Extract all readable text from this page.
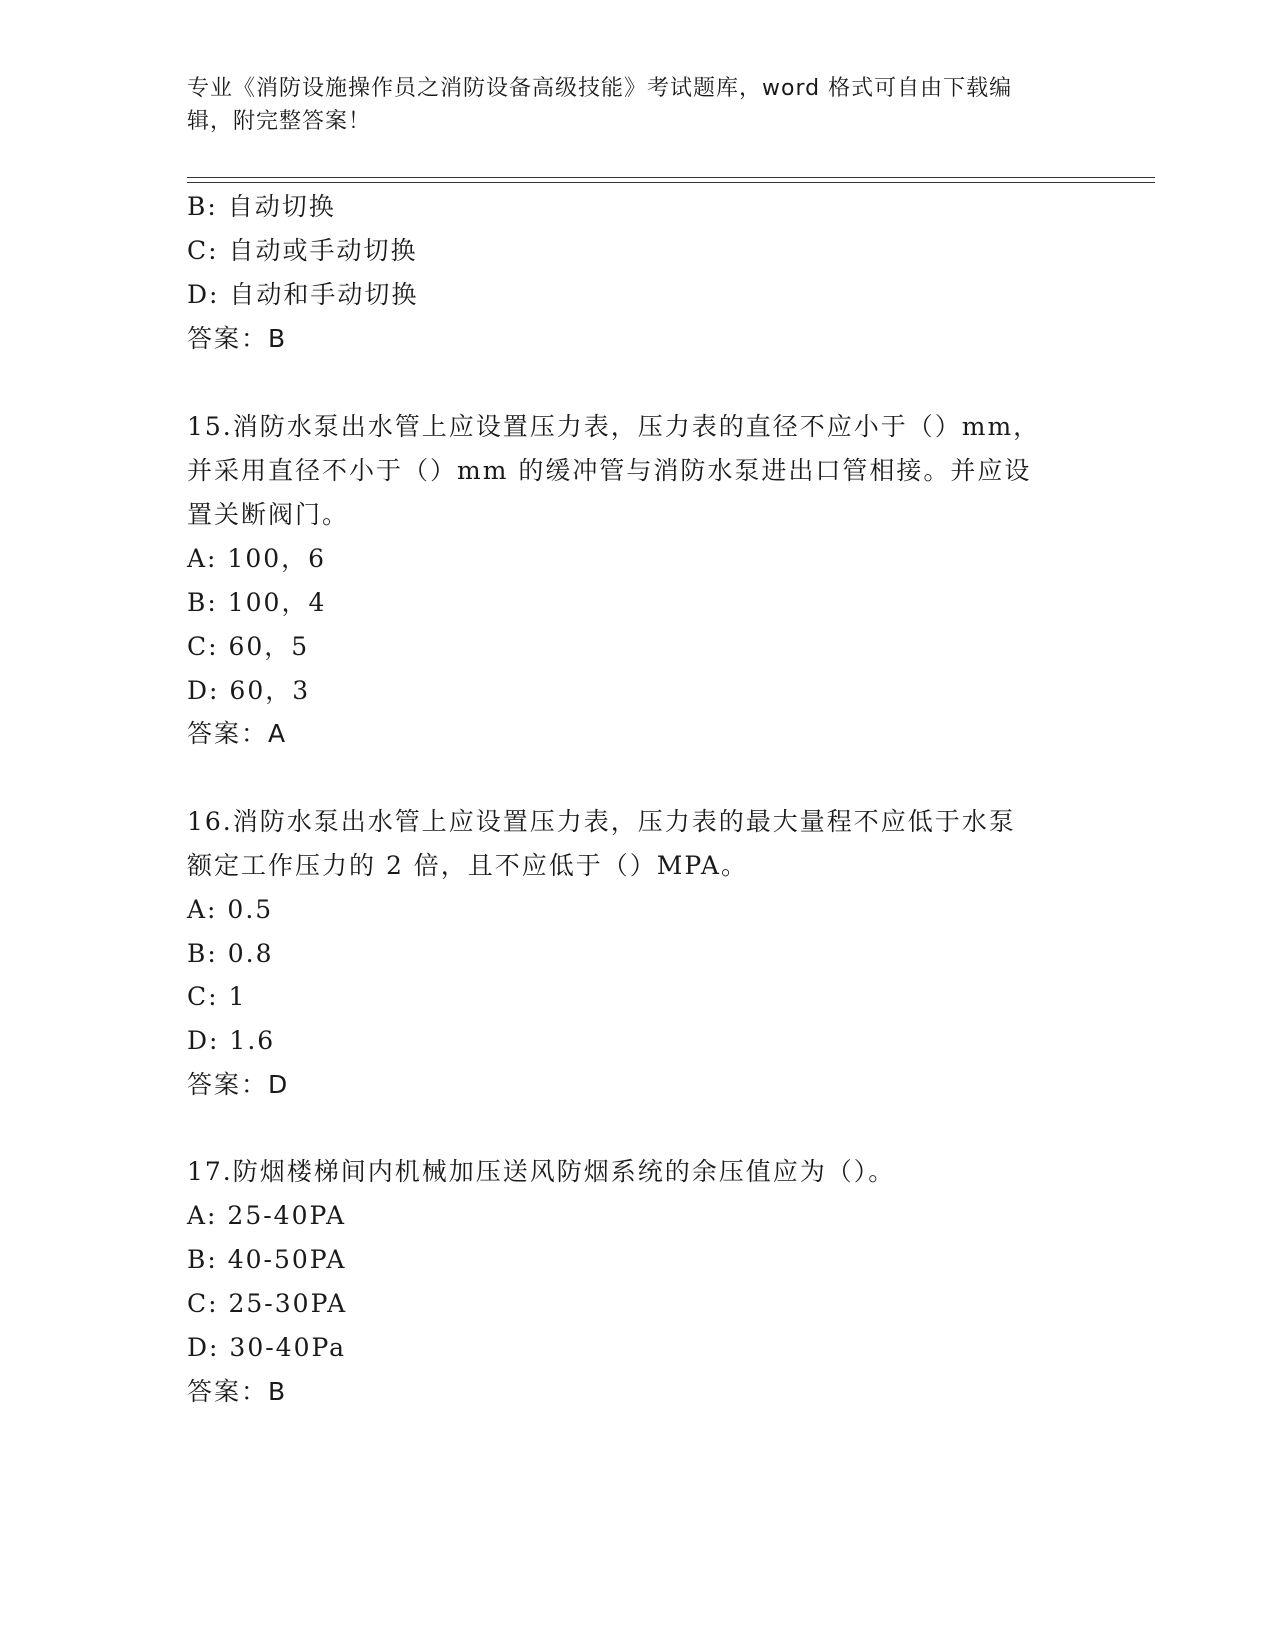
专业《消防设施操作员之消防设备高级技能》考试题库，word 格式可自由下载编
辑，附完整答案！
B: 自动切换
C: 自动或手动切换
D: 自动和手动切换
答案：B
15.消防水泵出水管上应设置压力表，压力表的直径不应小于（）mm，
并采用直径不小于（）mm 的缓冲管与消防水泵进出口管相接。并应设
置关断阀门。
A: 100，6
B: 100，4
C: 60，5
D: 60，3
答案：A
16.消防水泵出水管上应设置压力表，压力表的最大量程不应低于水泵
额定工作压力的 2 倍，且不应低于（）MPA。
A: 0.5
B: 0.8
C: 1
D: 1.6
答案：D
17.防烟楼梯间内机械加压送风防烟系统的余压值应为（）。
A: 25-40PA
B: 40-50PA
C: 25-30PA
D: 30-40Pa
答案：B
